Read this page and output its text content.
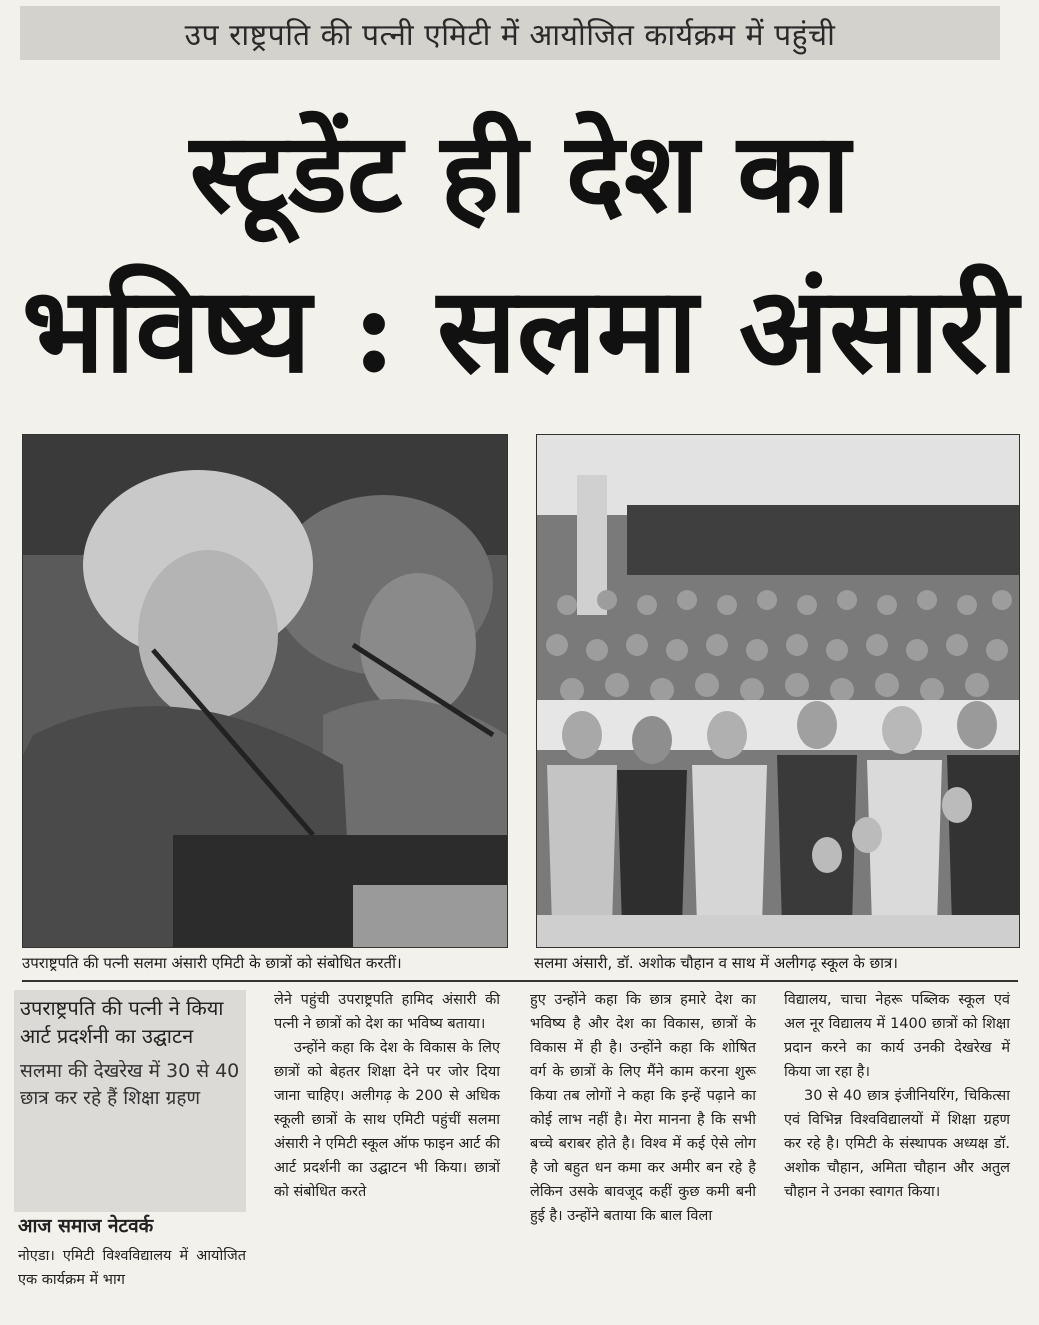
उप राष्ट्रपति की पत्नी एमिटी में आयोजित कार्यक्रम में पहुंची
स्टूडेंट ही देश का
भविष्य : सलमा अंसारी
उपराष्ट्रपति की पत्नी सलमा अंसारी एमिटी के छात्रों को संबोधित करतीं।	सलमा अंसारी, डॉ. अशोक चौहान व साथ में अलीगढ़ स्कूल के छात्र।
उपराष्ट्रपति की पत्नी ने किया आर्ट प्रदर्शनी का उद्घाटन
सलमा की देखरेख में 30 से 40 छात्र कर रहे हैं शिक्षा ग्रहण
आज समाज नेटवर्क

नोएडा। एमिटी विश्वविद्यालय में आयोजित एक कार्यक्रम में भाग

लेने पहुंची उपराष्ट्रपति हामिद अंसारी की पत्नी ने छात्रों को देश का भविष्य बताया।

उन्होंने कहा कि देश के विकास के लिए छात्रों को बेहतर शिक्षा देने पर जोर दिया जाना चाहिए। अलीगढ़ के 200 से अधिक स्कूली छात्रों के साथ एमिटी पहुंचीं सलमा अंसारी ने एमिटी स्कूल ऑफ फाइन आर्ट की आर्ट प्रदर्शनी का उद्घाटन भी किया। छात्रों को संबोधित करते

हुए उन्होंने कहा कि छात्र हमारे देश का भविष्य है और देश का विकास, छात्रों के विकास में ही है। उन्होंने कहा कि शोषित वर्ग के छात्रों के लिए मैंने काम करना शुरू किया तब लोगों ने कहा कि इन्हें पढ़ाने का कोई लाभ नहीं है। मेरा मानना है कि सभी बच्चे बराबर होते है। विश्व में कई ऐसे लोग है जो बहुत धन कमा कर अमीर बन रहे है लेकिन उसके बावजूद कहीं कुछ कमी बनी हुई है। उन्होंने बताया कि बाल विला

विद्यालय, चाचा नेहरू पब्लिक स्कूल एवं अल नूर विद्यालय में 1400 छात्रों को शिक्षा प्रदान करने का कार्य उनकी देखरेख में किया जा रहा है।

30 से 40 छात्र इंजीनियरिंग, चिकित्सा एवं विभिन्न विश्वविद्यालयों में शिक्षा ग्रहण कर रहे है। एमिटी के संस्थापक अध्यक्ष डॉ. अशोक चौहान, अमिता चौहान और अतुल चौहान ने उनका स्वागत किया।
